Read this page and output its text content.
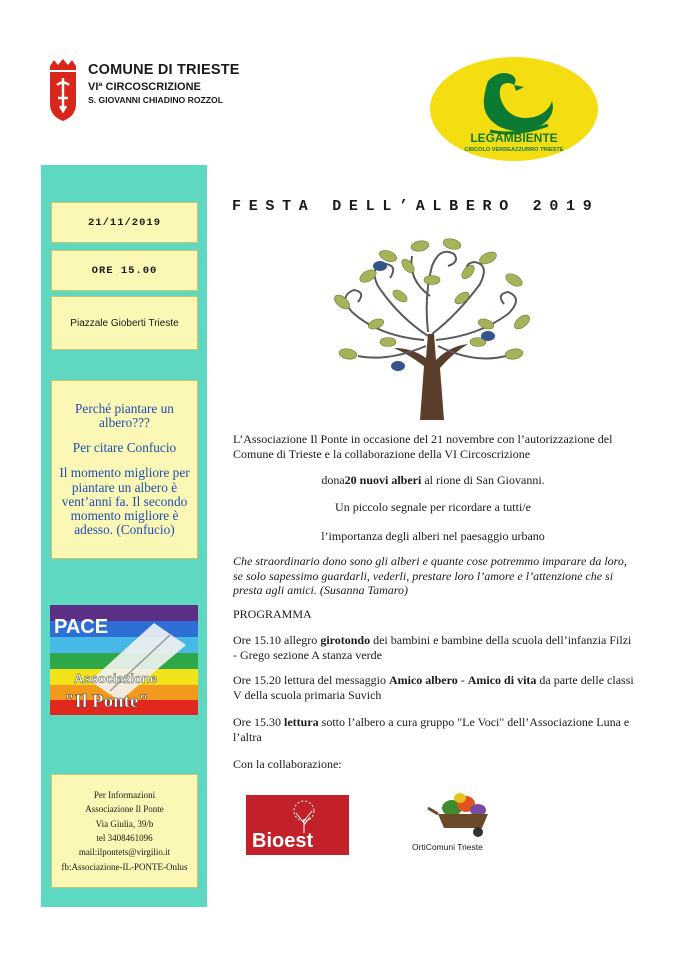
COMUNE DI TRIESTE
VIª CIRCOSCRIZIONE
S. GIOVANNI CHIADINO ROZZOL
LEGAMBIENTE
CIRCOLO VERDEAZZURRO TRIESTE
21/11/2019
ORE 15.00
Piazzale Gioberti Trieste

Perché piantare un albero???

Per citare Confucio

Il momento migliore per piantare un albero è vent’anni fa. Il secondo momento migliore è adesso. (Confucio)

Per Informazioni
Associazione Il Ponte
Via Giulia, 39/b
tel 3408461096
mail:ilpontets@virgilio.it
fb:Associazione-IL-PONTE-Onlus
PACE
Associazione
"Il Ponte"
FESTA DELL’ALBERO 2019
L’Associazione Il Ponte in occasione del 21 novembre con l’autorizzazione del Comune di Trieste e la collaborazione della VI Circoscrizione
dona20 nuovi alberi al rione di San Giovanni.
Un piccolo segnale per ricordare a tutti/e
l’importanza degli alberi nel paesaggio urbano
Che straordinario dono sono gli alberi e quante cose potremmo imparare da loro, se solo sapessimo guardarli, vederli, prestare loro l’amore e l’attenzione che si presta agli amici. (Susanna Tamaro)
PROGRAMMA
Ore 15.10 allegro girotondo dei bambini e bambine della scuola dell’infanzia Filzi - Grego sezione A stanza verde
Ore 15.20 lettura del messaggio Amico albero - Amico di vita da parte delle classi V della scuola primaria Suvich
Ore 15.30 lettura sotto l’albero a cura gruppo "Le Voci" dell’Associazione Luna e l’altra
Con la collaborazione:
Bioest	OrtiComuni Trieste
